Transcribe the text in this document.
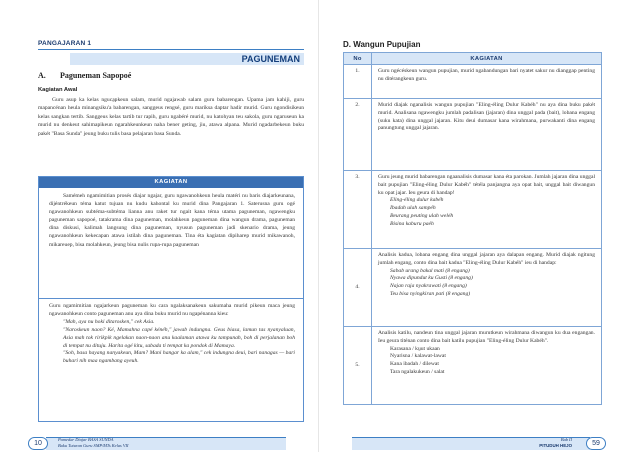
PANGAJARAN 1
PAGUNEMAN
A. Paguneman Sapopoé
Kagiatan Awal

Guru asup ka kelas nguca̱pkeun salam, murid ngajawab salam guru babarengan. Upama jam kahiji, guru mapancénan heula minangsiku'a babarengan, sanggeus rengsé, guru mariksa daptar hadir murid. Guru ngondisikeun kelas sangkan tertib. Sanggeus kelas tartib tur rapih, guru ngabéré murid, nu katohyan teu sakola, guru ngaruseun ka murid nu denkeut sahimapikeun ngarahkeunkeun naha bener geting, jiu, atawa alpana. Murid ngadarbekeun buku pakét "Basa Sunda" jeung buku tulis basa pelajaran basa Sunda.

KAGIATAN

Samémeh ngamimitian prosés diajar ngajar, guru ngawanohkeun heula matéri nu baris diajarkeunana, dijéntrékeun téma katut tujuan nu kudu kahontal ku murid dina Pangajaran 1. Saterusna guru ogé ngawanohkeun subtéma-subtéma lianna anu raket tur ngait kana téma utama paguneman, ngawengku paguneman sapopoé, tatakrama dina paguneman, molahkeun paguneman dina wangun drama, paguneman dina diskusi, kalimah langsung dina paguneman, nyusun paguneman jadi skenario drama, jeung ngawanohkeun kekecapan atawa istilah dina paguneman. Tina éta kagiatan dipiharep murid mikawanoh, mikareuep, bisa molahkeun, jeung bisa nulis rupa-rupa paguneman

Guru ngamimitian ngajarkeun paguneman ku cara ngalaksanakeun sakumaha murid pikeun maca jeung ngawanohkeun conto paguneman anu aya dina buku murid nu ngapénanna kieu:
"Mah, aya nu hoki ditarosken," cek Asia.
"Naroskeun naon? Ké, Mamahna capé kénéh," jawab indungna. Geus biasa, lamun tas nyanyaluan, Asia mah tok ririkpik ngelakan naon-naon anu kaalaman atawa ku tampunah, boh di perjalanan boh di tempat nu dituju. Harita ogé kitu, sabada ti tempat ka pondok di Mamaya.
"Soh, basa hayang nanyakeun, Mam? Mani hangar ka alam," cek indungna deui, bari nanagas — bari buhari nih maa ngambang ayeuh.
D. Wangun Pupujian
No	KAGIATAN
1.	Guru ngécéskeun wangun pupujian, murid ngabandungan bari nyatet sakur nu dianggap penting nu ditérangkeun guru.
2.	Murid diajak nganalisis wangun pupujian "Eling-éling Dulur Kabéh" nu aya dina buku pakét murid. Analisana ngawengku jumlah padalisan (jajaran) dina unggal pada (bait), lobana engang (suku kata) dina unggal jajaran. Kitu deui dumasar kana wirahmana, purwakanti dina engang panungtung unggal jajaran.
3.	Guru jeung murid babarengan ngaanalisis dumasar kana éta parokan. Jumlah jajaran dina unggal bait pupujian "Eling-éling Dulur Kabéh" tétéla panjangna aya opat bait, unggal bait diwangun ku opat jajar. Ieu geura di handap!
Eling-éling dulur kabéh
Ibadah ulah sampéh
Beurang peuting ulah weléh
Bisina kaburu paéh

4.	Analisis kadua, lobana engang dina unggal jajaran aya dalapan engang. Murid diajak ngitung jumlah engang, conto dina bait kadua "Eling-éling Dulur Kabéh" ieu di handap:
Sabab urang bakal mati (8 engang)
Nyawa dipundut ku Gusti (8 engang)
Najan raja nyakrawati (8 engang)
Teu bisa nyingkiran pati (8 engang)

5.	Analisis katilu, nandeun tina unggal jajaran murutkeun wirahmana diwangun ku dua engangan. Ieu geura titénan conto dina bait katilu pupujian "Eling-éling Dulur Kabéh".
Karasana / ku̱ut ukaan
Nyarisna / kalawat-lawat
Kana ibadah / dilewat
Tara ngalakukeun / salat
10
Pamedar Diajar BASA SUNDA
Buku Tuturan Guru SMP/MTs Kelas VII
Bab II
PITUDUH HEJO	59
